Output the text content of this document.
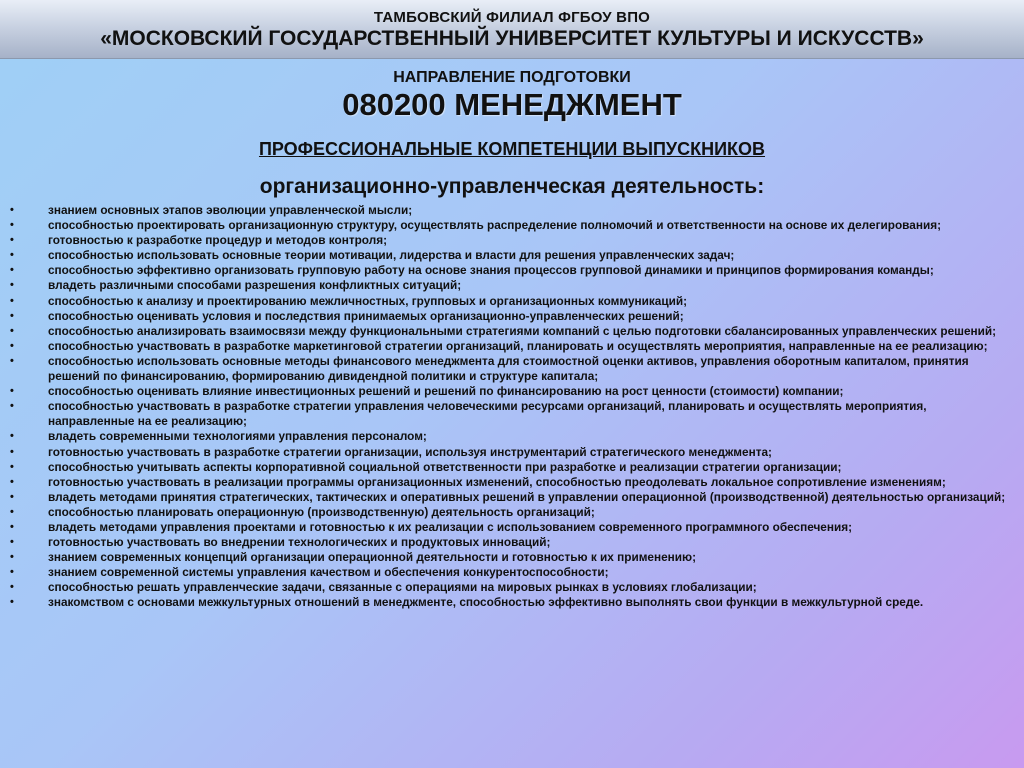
ТАМБОВСКИЙ ФИЛИАЛ ФГБОУ ВПО
«МОСКОВСКИЙ ГОСУДАРСТВЕННЫЙ УНИВЕРСИТЕТ КУЛЬТУРЫ И ИСКУССТВ»
НАПРАВЛЕНИЕ ПОДГОТОВКИ
080200 МЕНЕДЖМЕНТ
ПРОФЕССИОНАЛЬНЫЕ КОМПЕТЕНЦИИ ВЫПУСКНИКОВ
организационно-управленческая деятельность:
•	знанием основных этапов эволюции управленческой мысли;
•	способностью проектировать организационную структуру, осуществлять распределение полномочий и ответственности на основе их делегирования;
•	готовностью к разработке процедур и методов контроля;
•	способностью использовать основные теории мотивации, лидерства и власти для решения управленческих задач;
•	способностью эффективно организовать групповую работу на основе знания процессов групповой динамики и принципов формирования команды;
•	владеть различными способами разрешения конфликтных ситуаций;
•	способностью к анализу и проектированию межличностных, групповых и организационных коммуникаций;
•	способностью оценивать условия и последствия принимаемых организационно-управленческих решений;
•	способностью анализировать взаимосвязи между функциональными стратегиями компаний с целью подготовки сбалансированных управленческих решений;
•	способностью участвовать в разработке маркетинговой стратегии организаций, планировать и осуществлять мероприятия, направленные на ее реализацию;
•	способностью использовать основные методы финансового менеджмента для стоимостной оценки активов, управления оборотным капиталом, принятия решений по финансированию, формированию дивидендной политики и структуре капитала;
•	способностью оценивать влияние инвестиционных решений и решений по финансированию на рост ценности (стоимости) компании;
•	способностью участвовать в разработке стратегии управления человеческими ресурсами организаций, планировать и осуществлять мероприятия, направленные на ее реализацию;
•	владеть современными технологиями управления персоналом;
•	готовностью участвовать в разработке стратегии организации, используя инструментарий стратегического менеджмента;
•	способностью учитывать аспекты корпоративной социальной ответственности при разработке и реализации стратегии организации;
•	готовностью участвовать в реализации программы организационных изменений, способностью преодолевать локальное сопротивление изменениям;
•	владеть методами принятия стратегических, тактических и оперативных решений в управлении операционной (производственной) деятельностью организаций;
•	способностью планировать операционную (производственную) деятельность организаций;
•	владеть методами управления проектами и готовностью к их реализации с использованием современного программного обеспечения;
•	готовностью участвовать во внедрении технологических и продуктовых инноваций;
•	знанием современных концепций организации операционной деятельности и готовностью к их применению;
•	знанием современной системы управления качеством и обеспечения конкурентоспособности;
•	способностью решать управленческие задачи, связанные с операциями на мировых рынках в условиях глобализации;
•	знакомством с основами межкультурных отношений в менеджменте, способностью эффективно выполнять свои функции в межкультурной среде.
